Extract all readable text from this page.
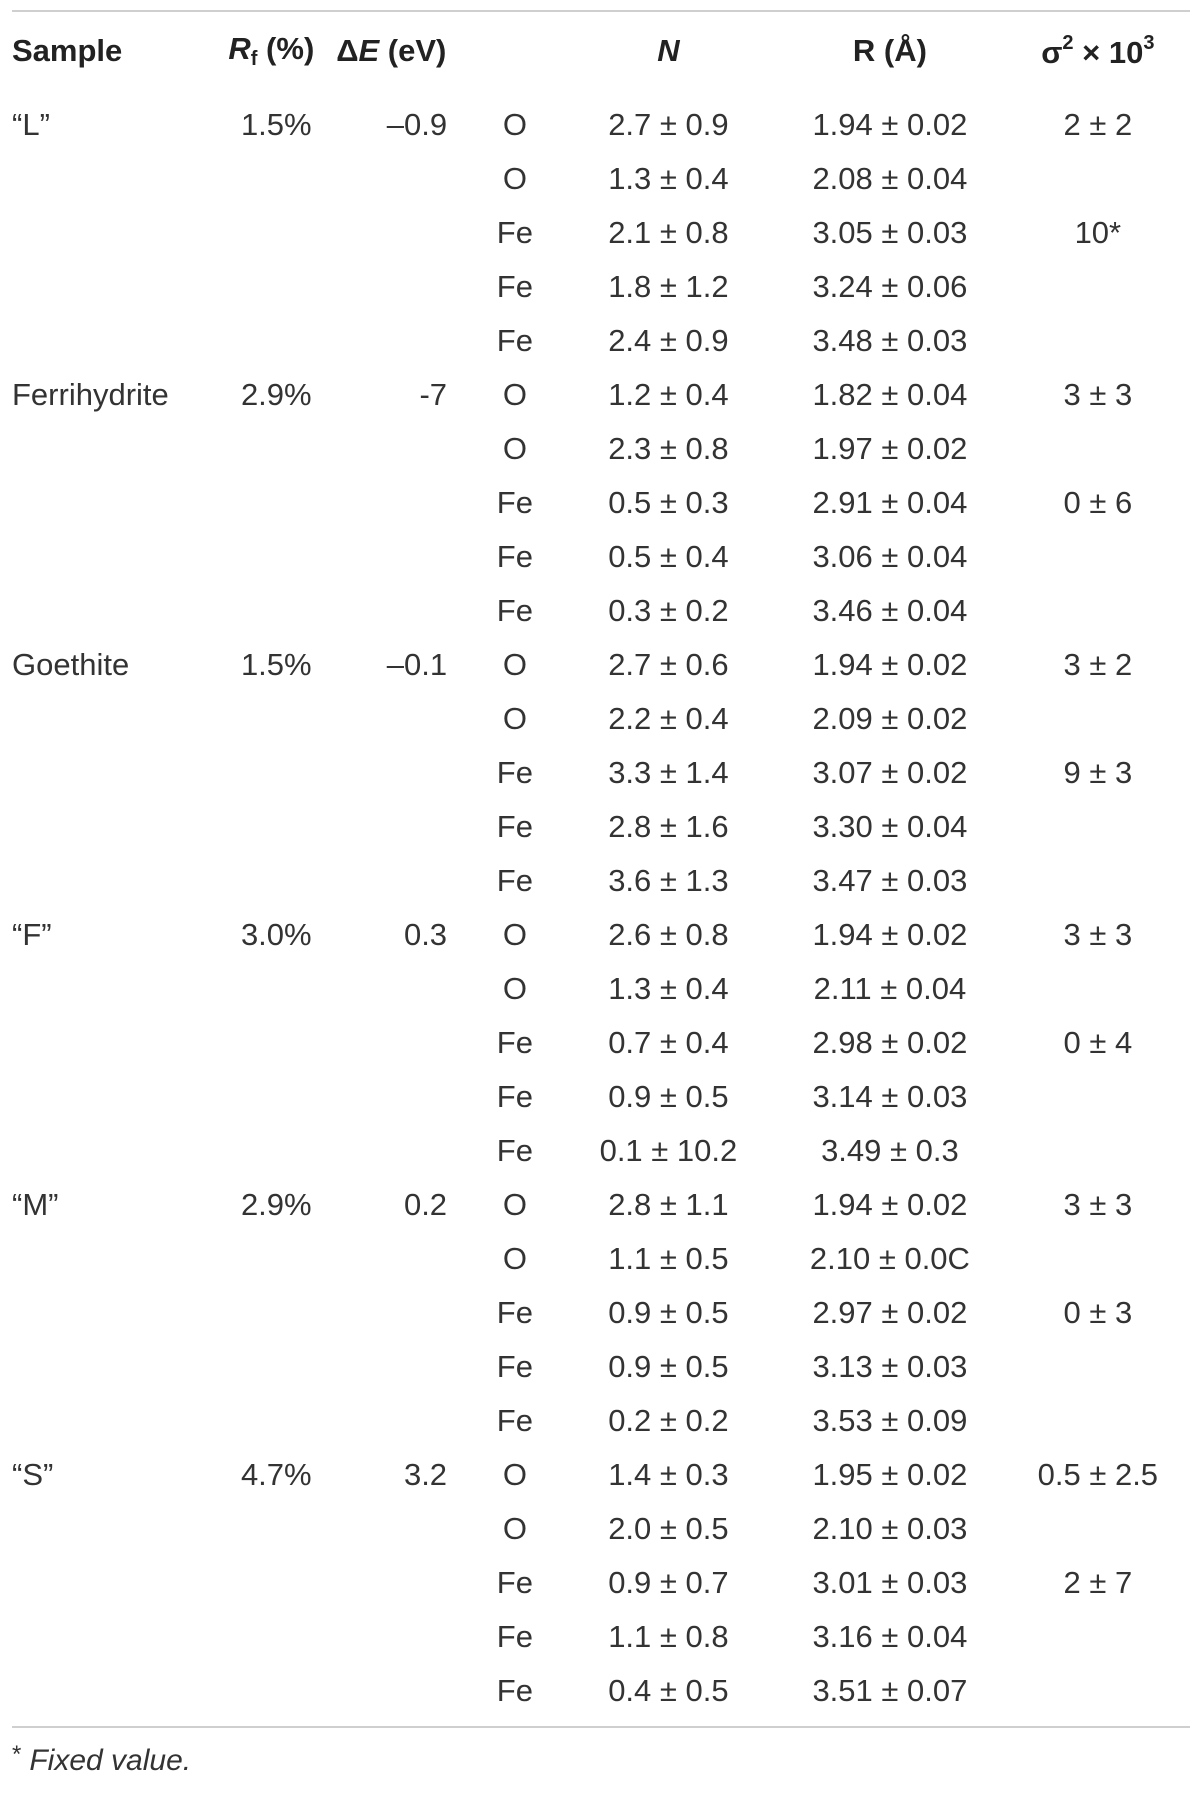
Sample	$R_f$ (%)	ΔE (eV)		N	R (Å)	$\sigma^2 \times 10^3$
“L”	1.5%	–0.9	O	2.7 ± 0.9	1.94 ± 0.02	2 ± 2
			O	1.3 ± 0.4	2.08 ± 0.04	
			Fe	2.1 ± 0.8	3.05 ± 0.03	10*
			Fe	1.8 ± 1.2	3.24 ± 0.06	
			Fe	2.4 ± 0.9	3.48 ± 0.03	
Ferrihydrite	2.9%	-7	O	1.2 ± 0.4	1.82 ± 0.04	3 ± 3
			O	2.3 ± 0.8	1.97 ± 0.02	
			Fe	0.5 ± 0.3	2.91 ± 0.04	0 ± 6
			Fe	0.5 ± 0.4	3.06 ± 0.04	
			Fe	0.3 ± 0.2	3.46 ± 0.04	
Goethite	1.5%	–0.1	O	2.7 ± 0.6	1.94 ± 0.02	3 ± 2
			O	2.2 ± 0.4	2.09 ± 0.02	
			Fe	3.3 ± 1.4	3.07 ± 0.02	9 ± 3
			Fe	2.8 ± 1.6	3.30 ± 0.04	
			Fe	3.6 ± 1.3	3.47 ± 0.03	
“F”	3.0%	0.3	O	2.6 ± 0.8	1.94 ± 0.02	3 ± 3
			O	1.3 ± 0.4	2.11 ± 0.04	
			Fe	0.7 ± 0.4	2.98 ± 0.02	0 ± 4
			Fe	0.9 ± 0.5	3.14 ± 0.03	
			Fe	0.1 ± 10.2	3.49 ± 0.3	
“M”	2.9%	0.2	O	2.8 ± 1.1	1.94 ± 0.02	3 ± 3
			O	1.1 ± 0.5	2.10 ± 0.0C	
			Fe	0.9 ± 0.5	2.97 ± 0.02	0 ± 3
			Fe	0.9 ± 0.5	3.13 ± 0.03	
			Fe	0.2 ± 0.2	3.53 ± 0.09	
“S”	4.7%	3.2	O	1.4 ± 0.3	1.95 ± 0.02	0.5 ± 2.5
			O	2.0 ± 0.5	2.10 ± 0.03	
			Fe	0.9 ± 0.7	3.01 ± 0.03	2 ± 7
			Fe	1.1 ± 0.8	3.16 ± 0.04	
			Fe	0.4 ± 0.5	3.51 ± 0.07	
* Fixed value.
